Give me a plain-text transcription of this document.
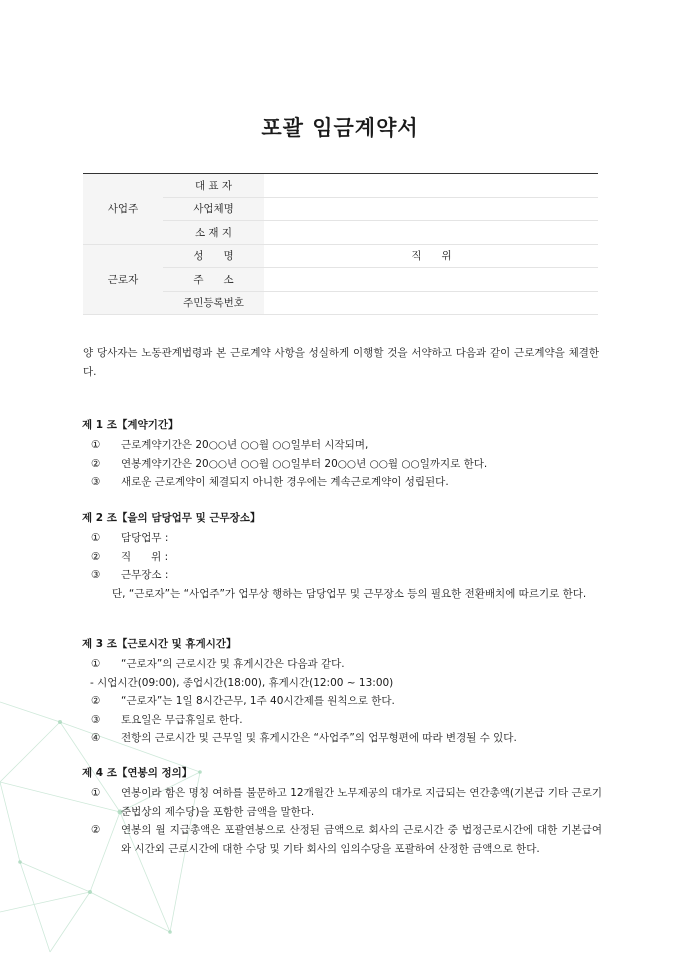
포괄 임금계약서
사업주	대 표 자			
	사업체명			
	소 재 지			
근로자	성      명		직      위	
	주      소			
	주민등록번호			
양 당사자는 노동관계법령과 본 근로계약 사항을 성실하게 이행할 것을 서약하고 다음과 같이 근로계약을 체결한다.
제 1 조【계약기간】
①	근로계약기간은 20○○년 ○○월 ○○일부터 시작되며,
②	연봉계약기간은 20○○년 ○○월 ○○일부터 20○○년 ○○월 ○○일까지로 한다.
③	새로운 근로계약이 체결되지 아니한 경우에는 계속근로계약이 성립된다.
제 2 조【을의 담당업무 및 근무장소】
①	담당업무 :
②	직      위 :
③	근무장소 :
단, “근로자”는 “사업주”가 업무상 행하는 담당업무 및 근무장소 등의 필요한 전환배치에 따르기로 한다.
제 3 조【근로시간 및 휴게시간】
①	“근로자”의 근로시간 및 휴게시간은 다음과 같다.
- 시업시간(09:00), 종업시간(18:00), 휴게시간(12:00 ~ 13:00)
②	“근로자”는 1일 8시간근무, 1주 40시간제를 원칙으로 한다.
③	토요일은 무급휴일로 한다.
④	전항의 근로시간 및 근무일 및 휴게시간은 “사업주”의 업무형편에 따라 변경될 수 있다.
제 4 조【연봉의 정의】
①	연봉이라 함은 명칭 여하를 불문하고 12개월간 노무제공의 대가로 지급되는 연간총액(기본급 기타 근로기준법상의 제수당)을 포함한 금액을 말한다.
②	연봉의 월 지급총액은 포괄연봉으로 산정된 금액으로 회사의 근로시간 중 법정근로시간에 대한 기본급여와 시간외 근로시간에 대한 수당 및 기타 회사의 임의수당을 포괄하여 산정한 금액으로 한다.
